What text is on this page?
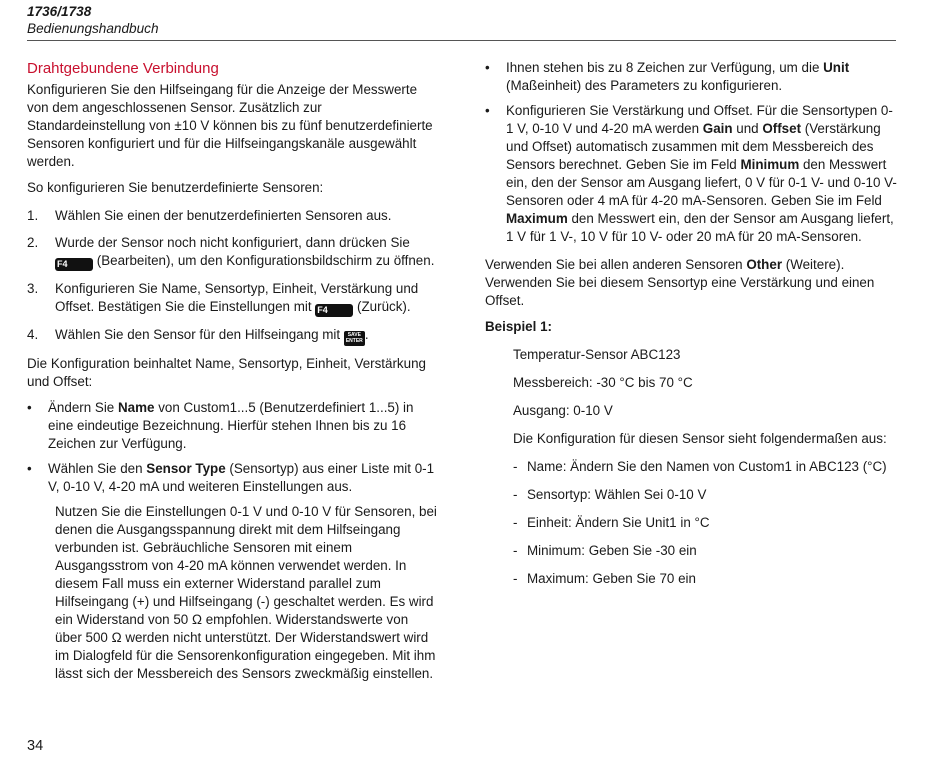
1736/1738
Bedienungshandbuch
Drahtgebundene Verbindung

Konfigurieren Sie den Hilfseingang für die Anzeige der Messwerte von dem angeschlossenen Sensor. Zusätzlich zur Standardeinstellung von ±10 V können bis zu fünf benutzerdefinierte Sensoren konfiguriert und für die Hilfseingangskanäle ausgewählt werden.

So konfigurieren Sie benutzerdefinierte Sensoren:

1.	Wählen Sie einen der benutzerdefinierten Sensoren aus.
2.	Wurde der Sensor noch nicht konfiguriert, dann drücken Sie
F4 (Bearbeiten), um den Konfigurationsbildschirm zu öffnen.
3.	Konfigurieren Sie Name, Sensortyp, Einheit, Verstärkung und Offset. Bestätigen Sie die Einstellungen mit F4 (Zurück).
4.	Wählen Sie den Sensor für den Hilfseingang mit SAVE
ENTER .

Die Konfiguration beinhaltet Name, Sensortyp, Einheit, Verstärkung und Offset:

•	Ändern Sie Name von Custom1...5 (Benutzerdefiniert 1...5) in eine eindeutige Bezeichnung. Hierfür stehen Ihnen bis zu 16 Zeichen zur Verfügung.
•	Wählen Sie den Sensor Type (Sensortyp) aus einer Liste mit 0-1 V, 0-10 V, 4-20 mA und weiteren Einstellungen aus.

Nutzen Sie die Einstellungen 0-1 V und 0-10 V für Sensoren, bei denen die Ausgangsspannung direkt mit dem Hilfseingang verbunden ist. Gebräuchliche Sensoren mit einem Ausgangsstrom von 4-20 mA können verwendet werden. In diesem Fall muss ein externer Widerstand parallel zum Hilfseingang (+) und Hilfseingang (-) geschaltet werden. Es wird ein Widerstand von 50 Ω empfohlen. Widerstandswerte von über 500 Ω werden nicht unterstützt. Der Widerstandswert wird im Dialogfeld für die Sensorenkonfiguration eingegeben. Mit ihm lässt sich der Messbereich des Sensors zweckmäßig einstellen.

•	Ihnen stehen bis zu 8 Zeichen zur Verfügung, um die Unit (Maßeinheit) des Parameters zu konfigurieren.
•	Konfigurieren Sie Verstärkung und Offset. Für die Sensortypen 0-1 V, 0-10 V und 4-20 mA werden Gain und Offset (Verstärkung und Offset) automatisch zusammen mit dem Messbereich des Sensors berechnet. Geben Sie im Feld Minimum den Messwert ein, den der Sensor am Ausgang liefert, 0 V für 0-1 V- und 0-10 V-Sensoren oder 4 mA für 4-20 mA-Sensoren. Geben Sie im Feld Maximum den Messwert ein, den der Sensor am Ausgang liefert, 1 V für 1 V-, 10 V für 10 V- oder 20 mA für 20 mA-Sensoren.

Verwenden Sie bei allen anderen Sensoren Other (Weitere). Verwenden Sie bei diesem Sensortyp eine Verstärkung und einen Offset.

Beispiel 1:

Temperatur-Sensor ABC123

Messbereich: -30 °C bis 70 °C

Ausgang: 0-10 V

Die Konfiguration für diesen Sensor sieht folgendermaßen aus:

- Name: Ändern Sie den Namen von Custom1 in ABC123 (°C)
- Sensortyp: Wählen Sei 0-10 V
- Einheit: Ändern Sie Unit1 in °C
- Minimum: Geben Sie -30 ein
- Maximum: Geben Sie 70 ein
34
